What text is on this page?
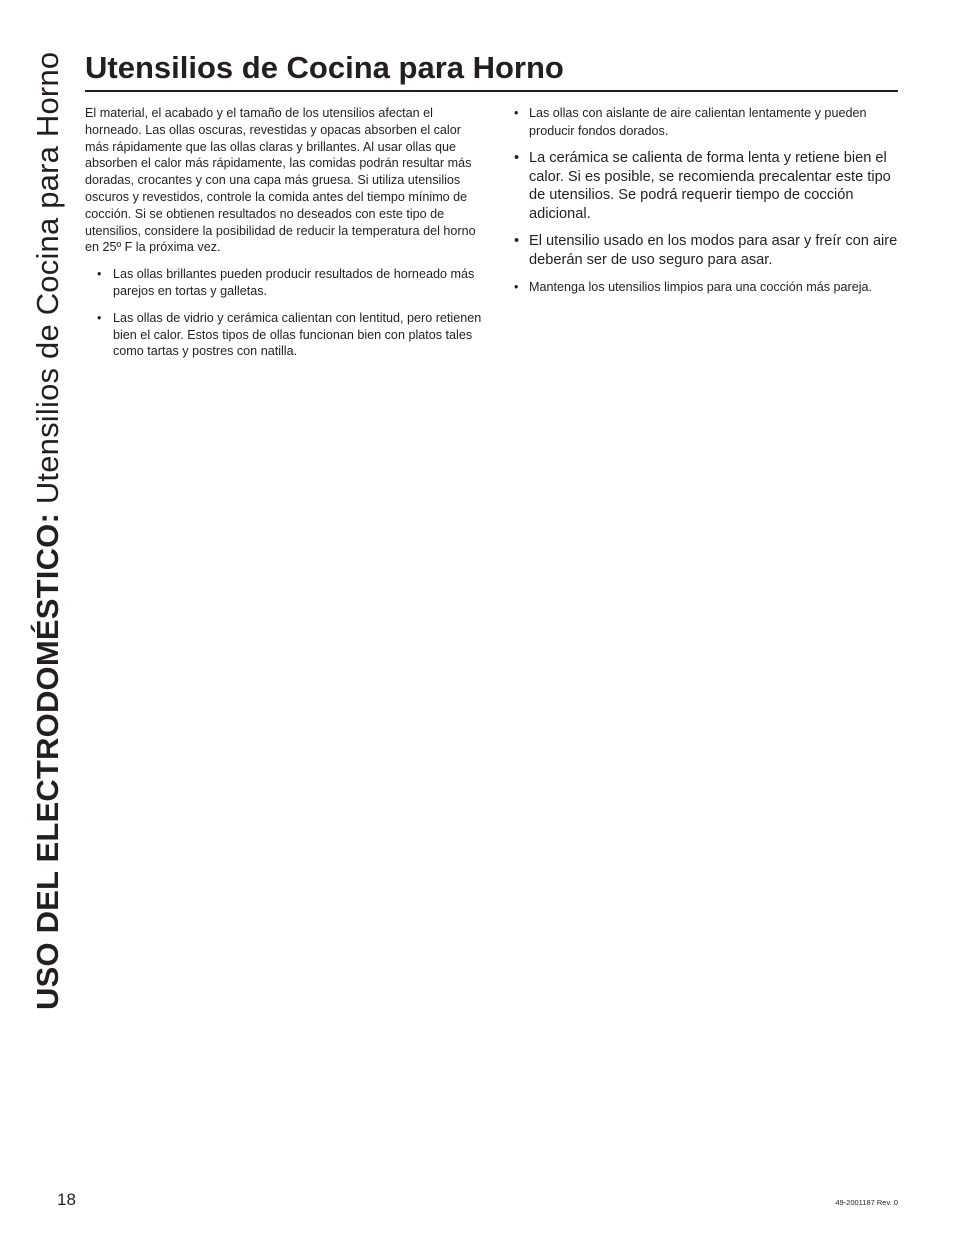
USO DEL ELECTRODOMÉSTICO: Utensilios de Cocina para Horno Utensilios de Cocina para Horno

El material, el acabado y el tamaño de los utensilios afectan el horneado. Las ollas oscuras, revestidas y opacas absorben el calor más rápidamente que las ollas claras y brillantes. Al usar ollas que absorben el calor más rápidamente, las comidas podrán resultar más doradas, crocantes y con una capa más gruesa. Si utiliza utensilios oscuros y revestidos, controle la comida antes del tiempo mínimo de cocción. Si se obtienen resultados no deseados con este tipo de utensilios, considere la posibilidad de reducir la temperatura del horno en 25º F la próxima vez.

• Las ollas brillantes pueden producir resultados de horneado más parejos en tortas y galletas.
• Las ollas de vidrio y cerámica calientan con lentitud, pero retienen bien el calor. Estos tipos de ollas funcionan bien con platos tales como tartas y postres con natilla.
• Las ollas con aislante de aire calientan lentamente y pueden producir fondos dorados.
• La cerámica se calienta de forma lenta y retiene bien el calor. Si es posible, se recomienda precalentar este tipo de utensilios. Se podrá requerir tiempo de cocción adicional.
• El utensilio usado en los modos para asar y freír con aire deberán ser de uso seguro para asar.
• Mantenga los utensilios limpios para una cocción más pareja.
18	49-2001187 Rev. 0
